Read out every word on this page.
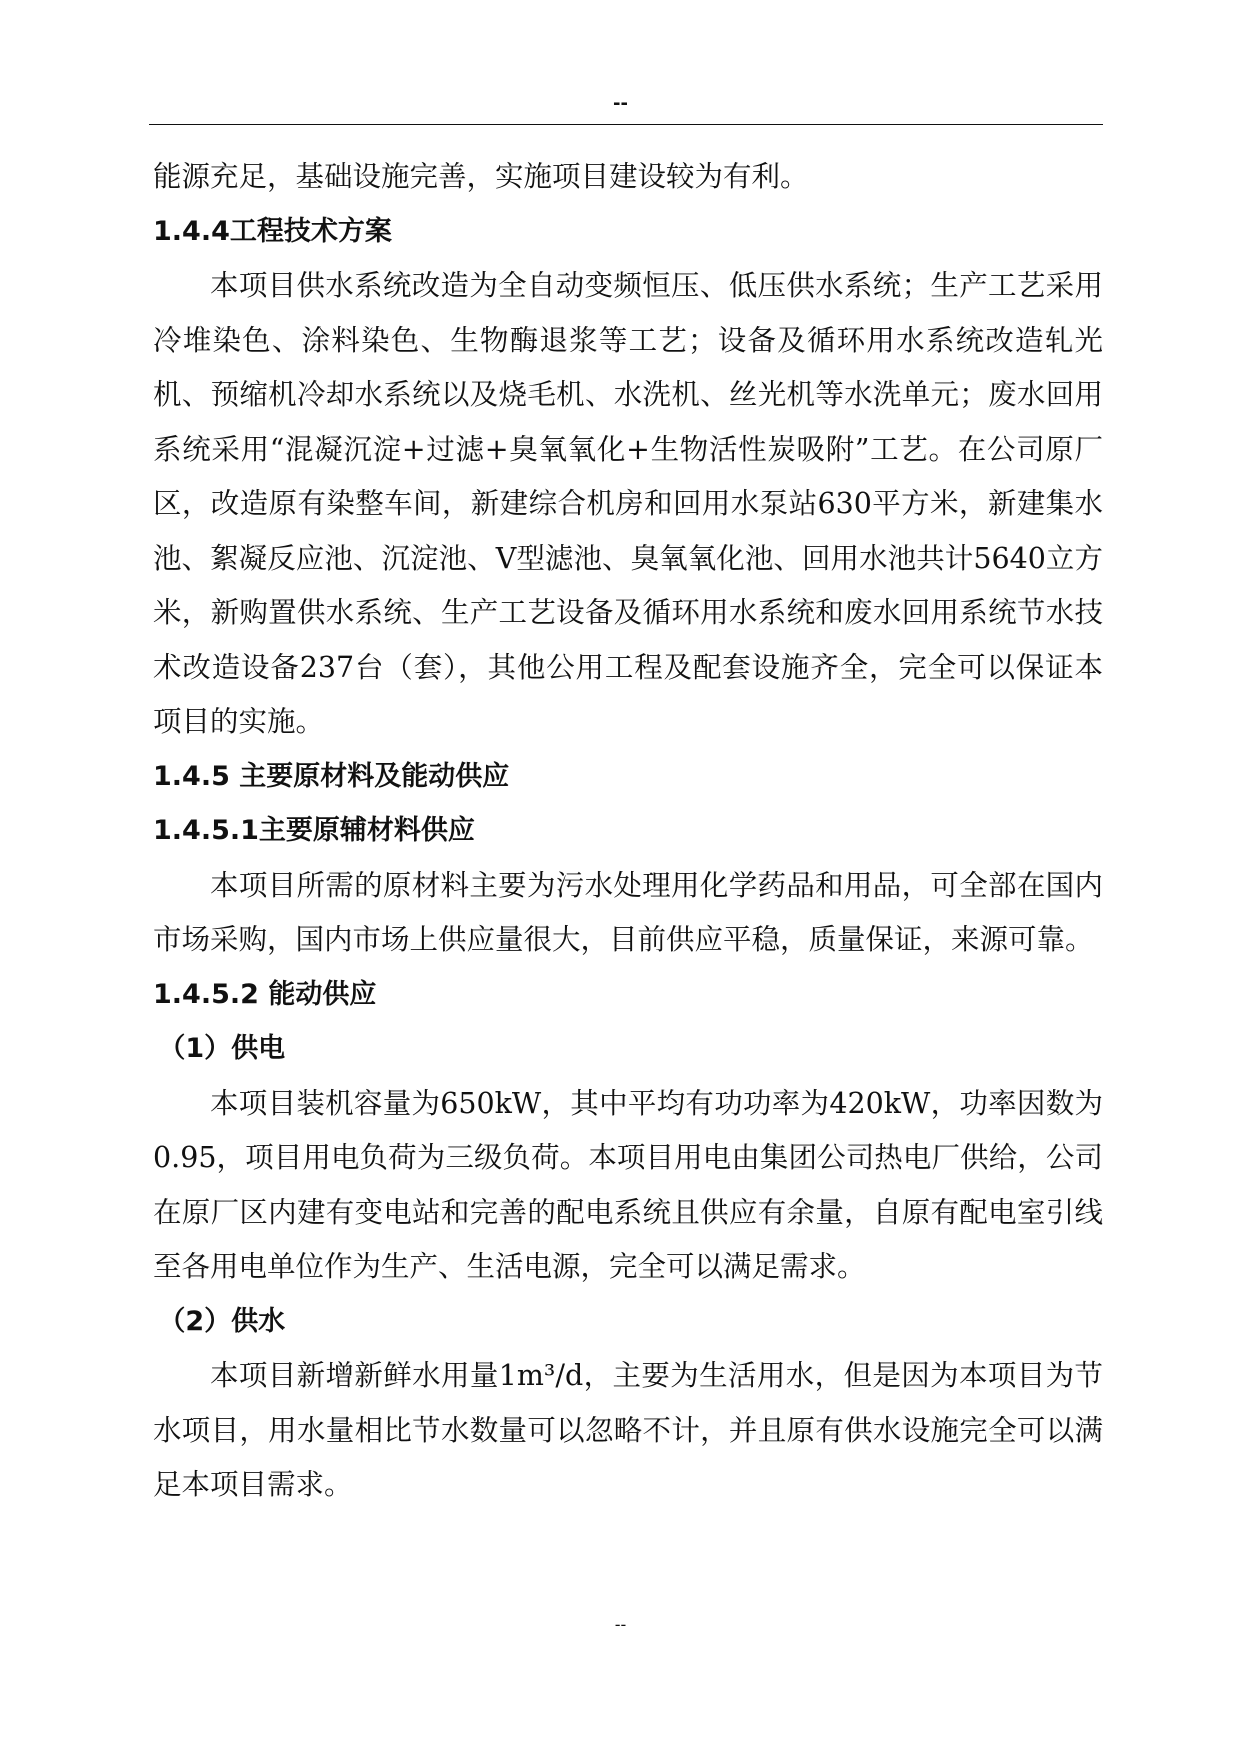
--

能源充足，基础设施完善，实施项目建设较为有利。

1.4.4工程技术方案

本项目供水系统改造为全自动变频恒压、低压供水系统；生产工艺采用冷堆染色、涂料染色、生物酶退浆等工艺；设备及循环用水系统改造轧光机、预缩机冷却水系统以及烧毛机、水洗机、丝光机等水洗单元；废水回用系统采用“混凝沉淀+过滤+臭氧氧化+生物活性炭吸附”工艺。在公司原厂区，改造原有染整车间，新建综合机房和回用水泵站630平方米，新建集水池、絮凝反应池、沉淀池、V型滤池、臭氧氧化池、回用水池共计5640立方米，新购置供水系统、生产工艺设备及循环用水系统和废水回用系统节水技术改造设备237台（套），其他公用工程及配套设施齐全，完全可以保证本项目的实施。

1.4.5 主要原材料及能动供应

1.4.5.1主要原辅材料供应

本项目所需的原材料主要为污水处理用化学药品和用品，可全部在国内市场采购，国内市场上供应量很大，目前供应平稳，质量保证，来源可靠。

1.4.5.2 能动供应

（1）供电

本项目装机容量为650kW，其中平均有功功率为420kW，功率因数为0.95，项目用电负荷为三级负荷。本项目用电由集团公司热电厂供给，公司在原厂区内建有变电站和完善的配电系统且供应有余量，自原有配电室引线至各用电单位作为生产、生活电源，完全可以满足需求。

（2）供水

本项目新增新鲜水用量1m³/d，主要为生活用水，但是因为本项目为节水项目，用水量相比节水数量可以忽略不计，并且原有供水设施完全可以满足本项目需求。

--
